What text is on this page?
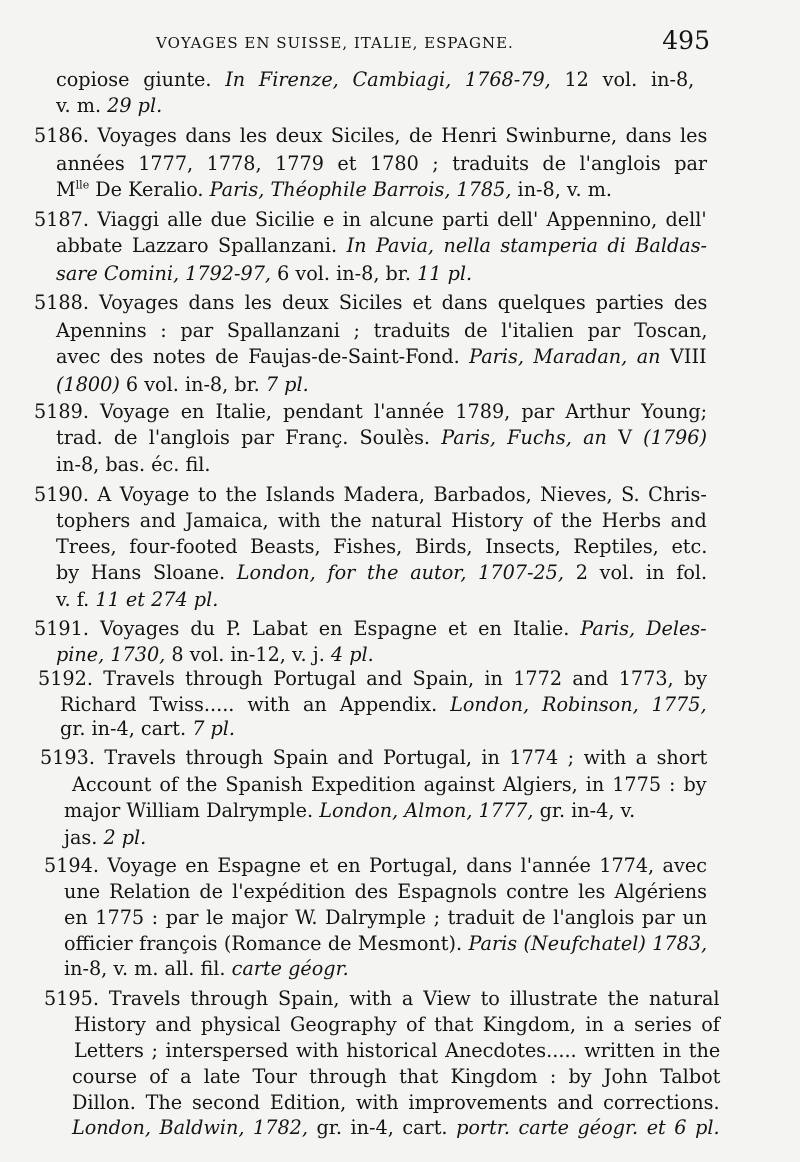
VOYAGES EN SUISSE, ITALIE, ESPAGNE.	495
copiose giunte. In Firenze, Cambiagi, 1768-79, 12 vol. in-8,
v. m. 29 pl.
5186. Voyages dans les deux Siciles, de Henri Swinburne, dans les
années 1777, 1778, 1779 et 1780 ; traduits de l'anglois par
$M^{lle}$ De Keralio. Paris, Théophile Barrois, 1785, in-8, v. m.
5187. Viaggi alle due Sicilie e in alcune parti dell' Appennino, dell'
abbate Lazzaro Spallanzani. In Pavia, nella stamperia di Baldas-
sare Comini, 1792-97, 6 vol. in-8, br. 11 pl.
5188. Voyages dans les deux Siciles et dans quelques parties des
Apennins : par Spallanzani ; traduits de l'italien par Toscan,
avec des notes de Faujas-de-Saint-Fond. Paris, Maradan, an VIII
(1800) 6 vol. in-8, br. 7 pl.
5189. Voyage en Italie, pendant l'année 1789, par Arthur Young;
trad. de l'anglois par Franç. Soulès. Paris, Fuchs, an V (1796)
in-8, bas. éc. fil.
5190. A Voyage to the Islands Madera, Barbados, Nieves, S. Chris-
tophers and Jamaica, with the natural History of the Herbs and
Trees, four-footed Beasts, Fishes, Birds, Insects, Reptiles, etc.
by Hans Sloane. London, for the autor, 1707-25, 2 vol. in fol.
v. f. 11 et 274 pl.
5191. Voyages du P. Labat en Espagne et en Italie. Paris, Deles-
pine, 1730, 8 vol. in-12, v. j. 4 pl.
5192. Travels through Portugal and Spain, in 1772 and 1773, by
Richard Twiss..... with an Appendix. London, Robinson, 1775,
gr. in-4, cart. 7 pl.
5193. Travels through Spain and Portugal, in 1774 ; with a short
Account of the Spanish Expedition against Algiers, in 1775 : by
major William Dalrymple. London, Almon, 1777, gr. in-4, v.
jas. 2 pl.
5194. Voyage en Espagne et en Portugal, dans l'année 1774, avec
une Relation de l'expédition des Espagnols contre les Algériens
en 1775 : par le major W. Dalrymple ; traduit de l'anglois par un
officier françois (Romance de Mesmont). Paris (Neufchatel) 1783,
in-8, v. m. all. fil. carte géogr.
5195. Travels through Spain, with a View to illustrate the natural
History and physical Geography of that Kingdom, in a series of
Letters ; interspersed with historical Anecdotes..... written in the
course of a late Tour through that Kingdom : by John Talbot
Dillon. The second Edition, with improvements and corrections.
London, Baldwin, 1782, gr. in-4, cart. portr. carte géogr. et 6 pl.
